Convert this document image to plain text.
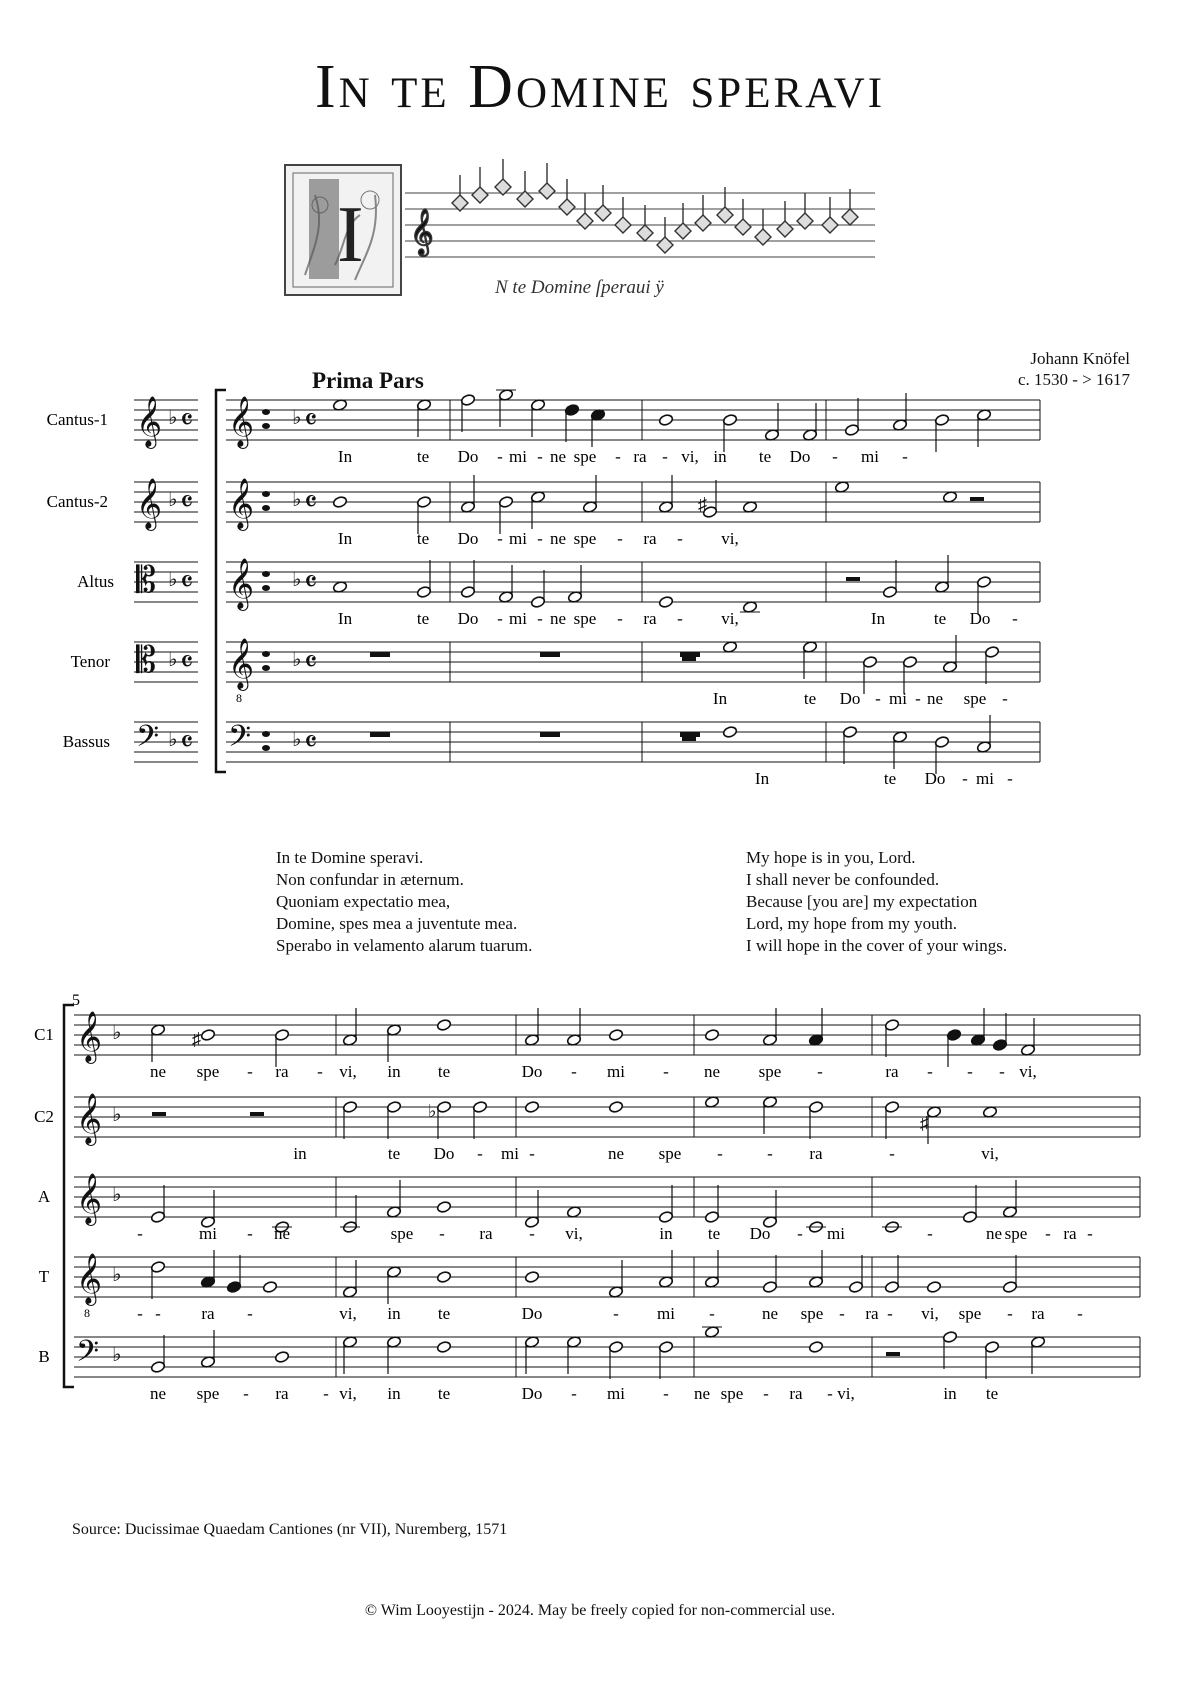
In te Domine speravi
I 𝄞
N te Domine ſperaui ÿ
Johann Knöfel
c. 1530 - > 1617
Prima Pars
Cantus-1
Cantus-2
Altus
Tenor
Bassus
𝄞 ♭ 𝄴
𝄞 ♭ 𝄴
𝄡 ♭ 𝄴
𝄡 ♭ 𝄴
𝄢 ♭ 𝄴
𝄞 ♭ 𝄴
𝄞 ♭ 𝄴
𝄞 ♭ 𝄴
𝄞 ♭ 𝄴
8
𝄢 ♭ 𝄴
♯
In	te Do - mi - ne spe - ra - vi, in te Do - mi -
In	te Do - mi - ne spe - ra - vi,
In	te Do - mi - ne spe - ra - vi,	In	te Do -
In	te Do - mi - ne spe -
In	te Do - mi -
In te Domine speravi.
Non confundar in æternum.
Quoniam expectatio mea,
Domine, spes mea a juventute mea.
Sperabo in velamento alarum tuarum.
My hope is in you, Lord.
I shall never be confounded.
Because [you are] my expectation
Lord, my hope from my youth.
I will hope in the cover of your wings.
5
C1
C2
A
T
B
𝄞 ♭
𝄞 ♭
𝄞 ♭
𝄞 ♭
8
𝄢 ♭
♯
♯
♭
ne spe - ra - vi, in te	Do - mi - ne spe -	ra - - - vi,
in	te Do - mi -	ne spe -	- ra	-	vi,
-	mi - ne	spe - ra - vi,	in te Do - mi	-	ne spe - ra -
- - ra -	vi, in te	Do	- mi -	ne spe - ra - vi, spe - ra -
ne spe - ra - vi, in te	Do - mi - ne spe - ra - vi,	in te
Source: Ducissimae Quaedam Cantiones (nr VII), Nuremberg, 1571
© Wim Looyestijn - 2024. May be freely copied for non-commercial use.
